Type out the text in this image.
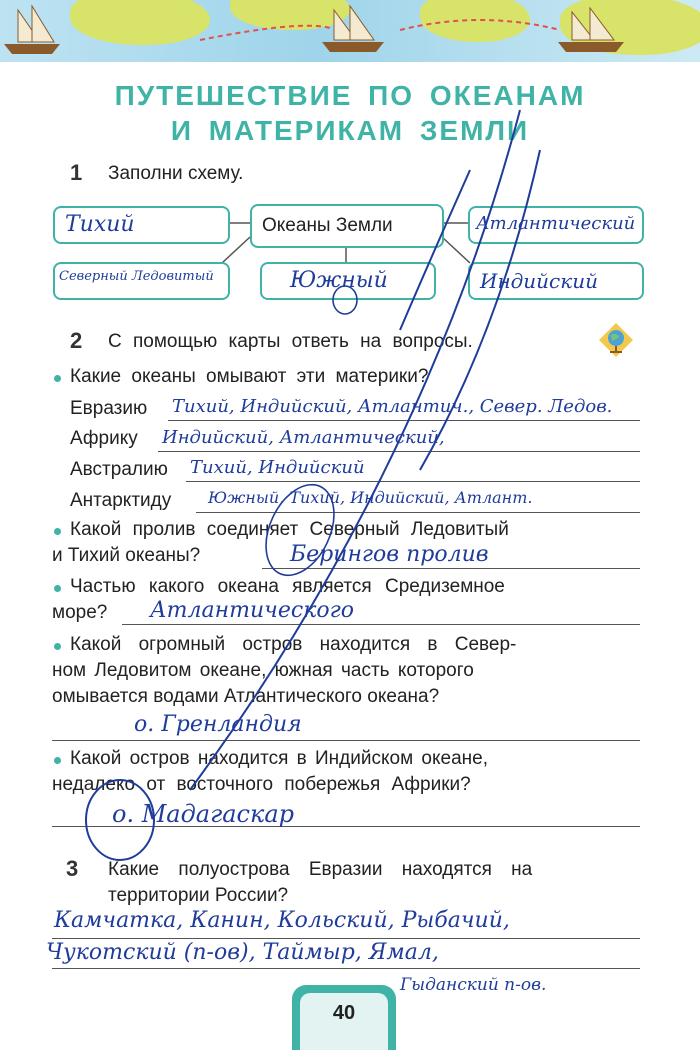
ПУТЕШЕСТВИЕ ПО ОКЕАНАМ
И МАТЕРИКАМ ЗЕМЛИ
1 Заполни схему.
Тихий	Океаны Земли	Атлантический
Северный Ледовитый	Южный	Индийский
2 С помощью карты ответь на вопросы.
Какие океаны омывают эти материки?
Евразию Тихий, Индийский, Атлантич., Север. Ледов.
Африку Индийский, Атлантический,
Австралию Тихий, Индийский
Антарктиду Южный, Тихий, Индийский, Атлант.
Какой пролив соединяет Северный Ледовитый
и Тихий океаны?	Берингов пролив
Частью какого океана является Средиземное
море? Атлантического
Какой огромный остров находится в Север-
ном Ледовитом океане, южная часть которого
омывается водами Атлантического океана?
о. Гренландия
Какой остров находится в Индийском океане,
недалеко от восточного побережья Африки?
о. Мадагаскар
3 Какие полуострова Евразии находятся на
территории России?
Камчатка, Канин, Кольский, Рыбачий,
Чукотский (п-ов), Таймыр, Ямал,
Гыданский п-ов.
40
